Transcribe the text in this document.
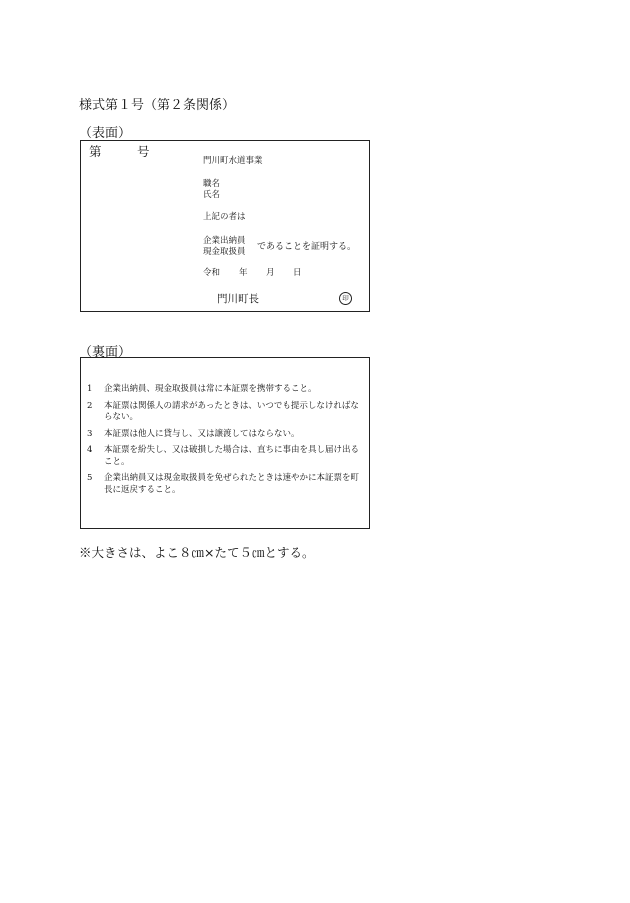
様式第１号（第２条関係）
（表面）
第	号
門川町水道事業
職名
氏名
上記の者は
企業出納員
現金取扱員 であることを証明する。
令和 年 月 日
門川町長	印
（裏面）
1	企業出納員、現金取扱員は常に本証票を携帯すること。
2	本証票は関係人の請求があったときは、いつでも提示しなければならない。
3	本証票は他人に貸与し、又は譲渡してはならない。
4	本証票を紛失し、又は破損した場合は、直ちに事由を具し届け出ること。
5	企業出納員又は現金取扱員を免ぜられたときは速やかに本証票を町長に返戻すること。
※大きさは、よこ８㎝×たて５㎝とする。
